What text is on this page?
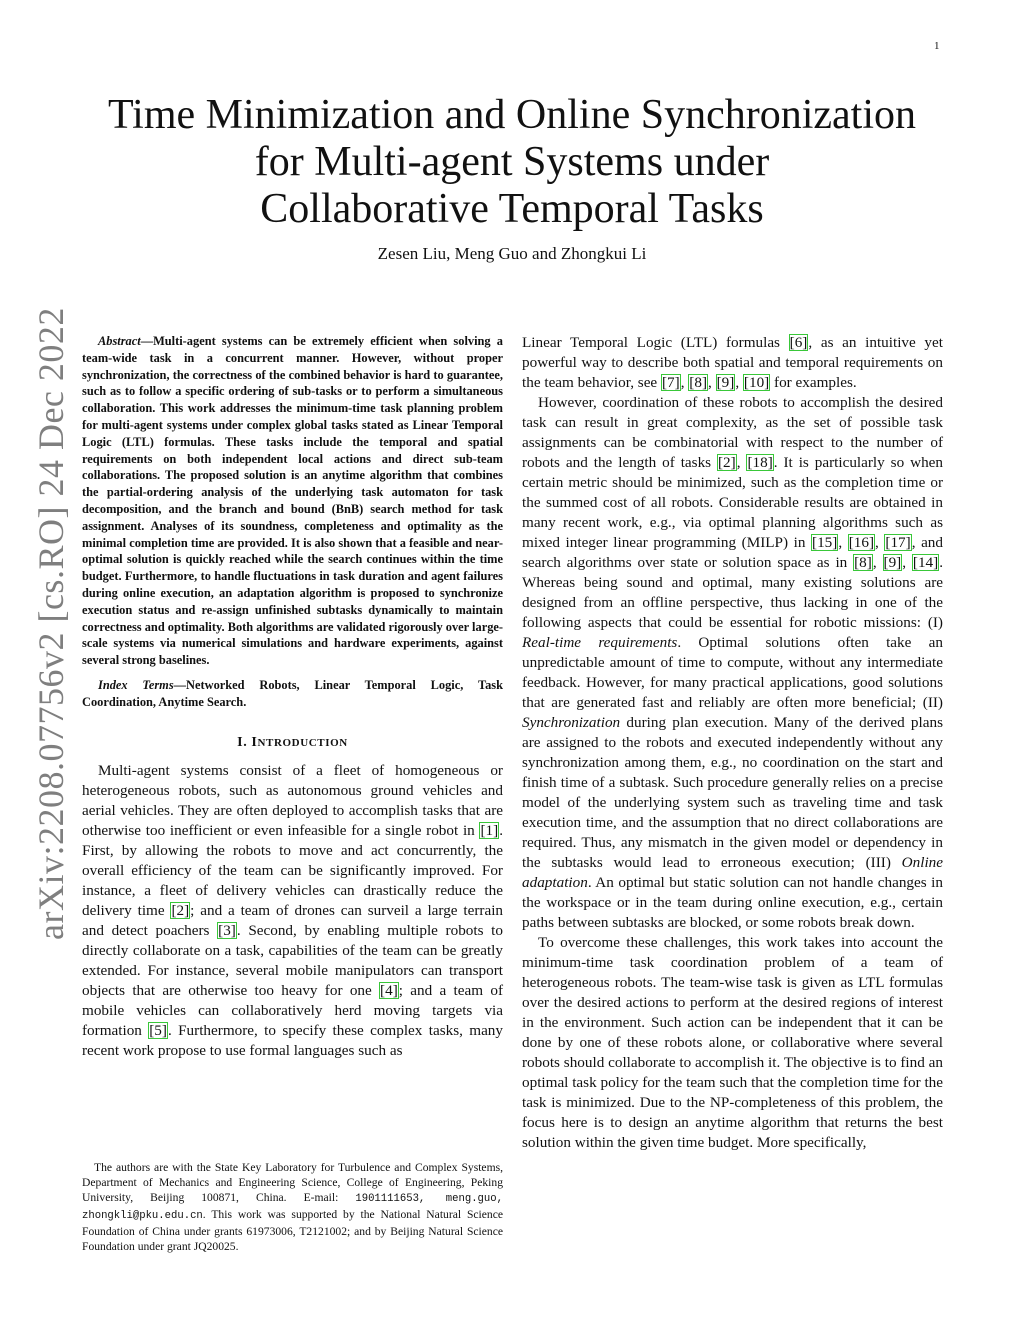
1
arXiv:2208.07756v2 [cs.RO] 24 Dec 2022
Time Minimization and Online Synchronization
for Multi-agent Systems under
Collaborative Temporal Tasks
Zesen Liu, Meng Guo and Zhongkui Li

Abstract—Multi-agent systems can be extremely efficient when solving a team-wide task in a concurrent manner. However, without proper synchronization, the correctness of the combined behavior is hard to guarantee, such as to follow a specific ordering of sub-tasks or to perform a simultaneous collaboration. This work addresses the minimum-time task planning problem for multi-agent systems under complex global tasks stated as Linear Temporal Logic (LTL) formulas. These tasks include the temporal and spatial requirements on both independent local actions and direct sub-team collaborations. The proposed solution is an anytime algorithm that combines the partial-ordering analysis of the underlying task automaton for task decomposition, and the branch and bound (BnB) search method for task assignment. Analyses of its soundness, completeness and optimality as the minimal completion time are provided. It is also shown that a feasible and near-optimal solution is quickly reached while the search continues within the time budget. Furthermore, to handle fluctuations in task duration and agent failures during online execution, an adaptation algorithm is proposed to synchronize execution status and re-assign unfinished subtasks dynamically to maintain correctness and optimality. Both algorithms are validated rigorously over large-scale systems via numerical simulations and hardware experiments, against several strong baselines.

Index Terms—Networked Robots, Linear Temporal Logic, Task Coordination, Anytime Search.

I. INTRODUCTION

Multi-agent systems consist of a fleet of homogeneous or heterogeneous robots, such as autonomous ground vehicles and aerial vehicles. They are often deployed to accomplish tasks that are otherwise too inefficient or even infeasible for a single robot in [1]. First, by allowing the robots to move and act concurrently, the overall efficiency of the team can be significantly improved. For instance, a fleet of delivery vehicles can drastically reduce the delivery time [2]; and a team of drones can surveil a large terrain and detect poachers [3]. Second, by enabling multiple robots to directly collaborate on a task, capabilities of the team can be greatly extended. For instance, several mobile manipulators can transport objects that are otherwise too heavy for one [4]; and a team of mobile vehicles can collaboratively herd moving targets via formation [5]. Furthermore, to specify these complex tasks, many recent work propose to use formal languages such as

The authors are with the State Key Laboratory for Turbulence and Complex Systems, Department of Mechanics and Engineering Science, College of Engineering, Peking University, Beijing 100871, China. E-mail: 1901111653, meng.guo, zhongkli@pku.edu.cn. This work was supported by the National Natural Science Foundation of China under grants 61973006, T2121002; and by Beijing Natural Science Foundation under grant JQ20025.

Linear Temporal Logic (LTL) formulas [6], as an intuitive yet powerful way to describe both spatial and temporal requirements on the team behavior, see [7], [8], [9], [10] for examples.

However, coordination of these robots to accomplish the desired task can result in great complexity, as the set of possible task assignments can be combinatorial with respect to the number of robots and the length of tasks [2], [18]. It is particularly so when certain metric should be minimized, such as the completion time or the summed cost of all robots. Considerable results are obtained in many recent work, e.g., via optimal planning algorithms such as mixed integer linear programming (MILP) in [15], [16], [17], and search algorithms over state or solution space as in [8], [9], [14]. Whereas being sound and optimal, many existing solutions are designed from an offline perspective, thus lacking in one of the following aspects that could be essential for robotic missions: (I) Real-time requirements. Optimal solutions often take an unpredictable amount of time to compute, without any intermediate feedback. However, for many practical applications, good solutions that are generated fast and reliably are often more beneficial; (II) Synchronization during plan execution. Many of the derived plans are assigned to the robots and executed independently without any synchronization among them, e.g., no coordination on the start and finish time of a subtask. Such procedure generally relies on a precise model of the underlying system such as traveling time and task execution time, and the assumption that no direct collaborations are required. Thus, any mismatch in the given model or dependency in the subtasks would lead to erroneous execution; (III) Online adaptation. An optimal but static solution can not handle changes in the workspace or in the team during online execution, e.g., certain paths between subtasks are blocked, or some robots break down.

To overcome these challenges, this work takes into account the minimum-time task coordination problem of a team of heterogeneous robots. The team-wise task is given as LTL formulas over the desired actions to perform at the desired regions of interest in the environment. Such action can be independent that it can be done by one of these robots alone, or collaborative where several robots should collaborate to accomplish it. The objective is to find an optimal task policy for the team such that the completion time for the task is minimized. Due to the NP-completeness of this problem, the focus here is to design an anytime algorithm that returns the best solution within the given time budget. More specifically,
